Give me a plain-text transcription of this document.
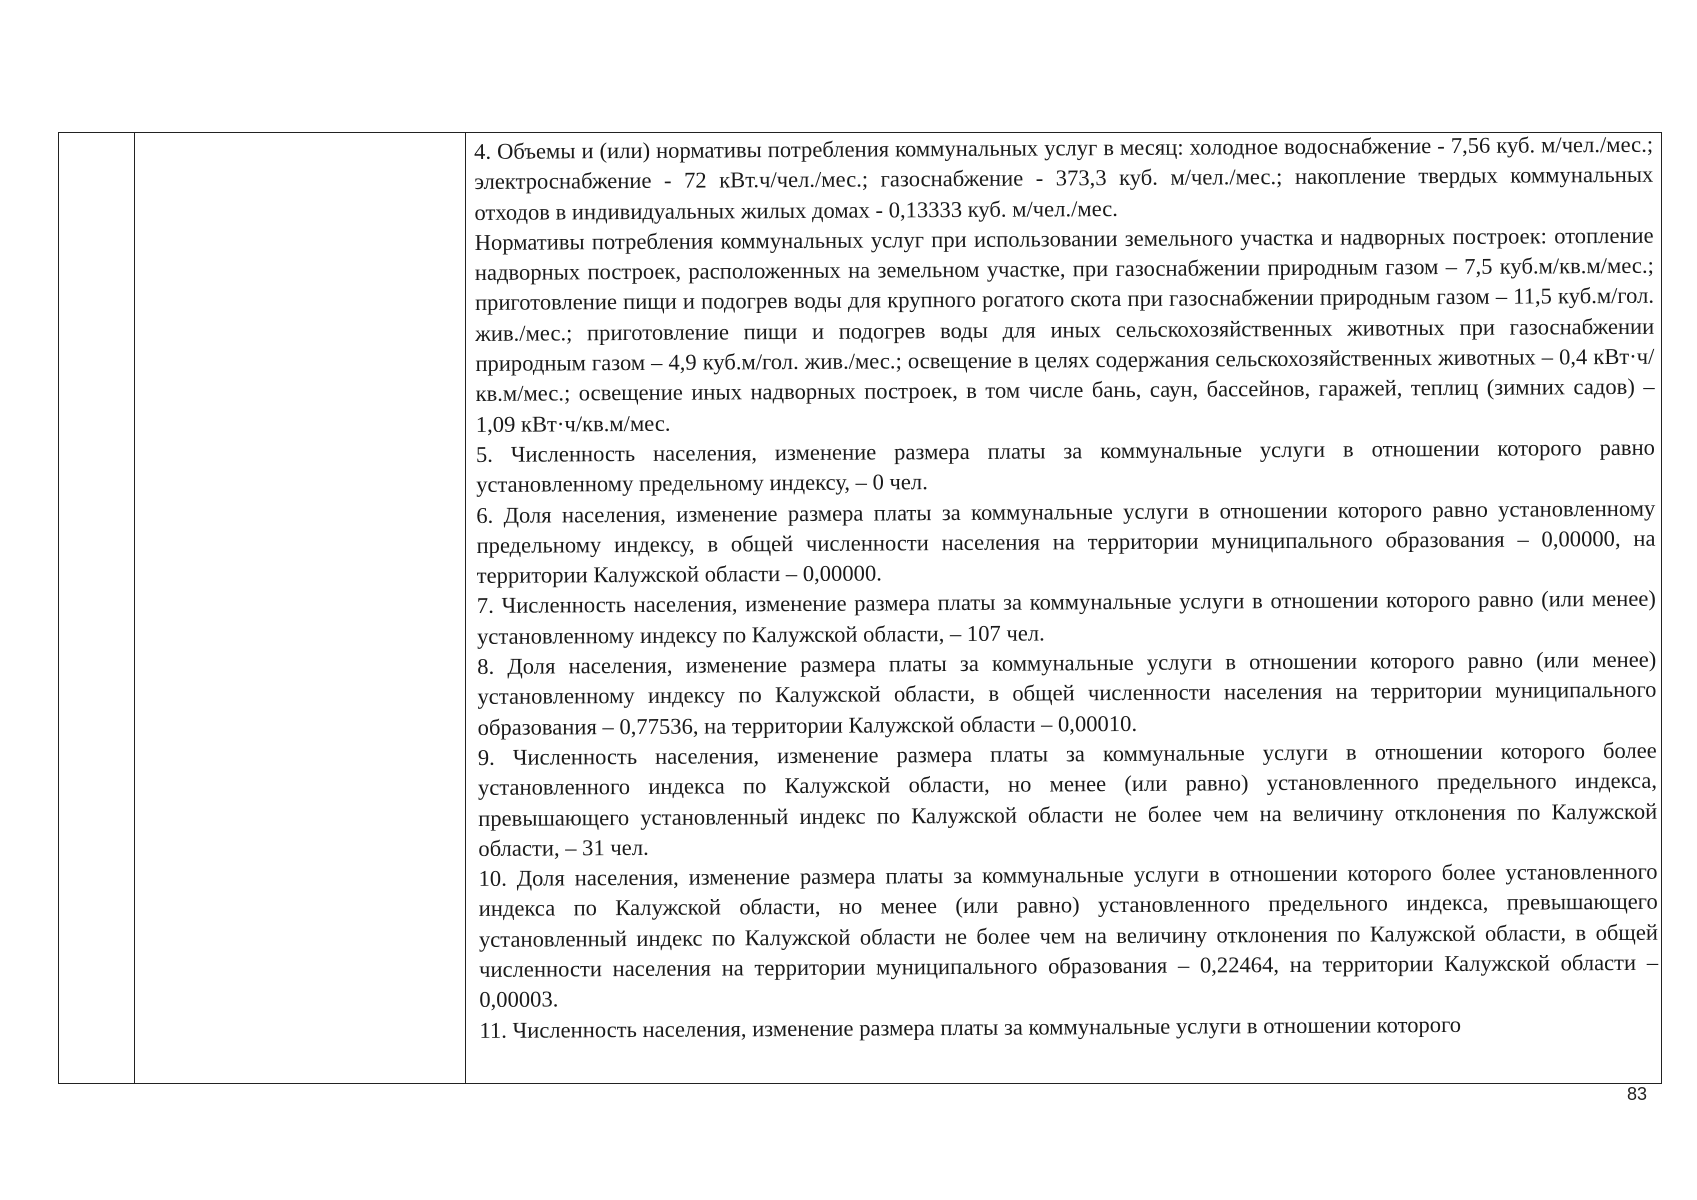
4. Объемы и (или) нормативы потребления коммунальных услуг в месяц: холодное водоснабжение - 7,56 куб. м/чел./мес.; электроснабжение - 72 кВт.ч/чел./мес.; газоснабжение - 373,3 куб. м/чел./мес.; накопление твердых коммунальных отходов в индивидуальных жилых домах - 0,13333 куб. м/чел./мес.

Нормативы потребления коммунальных услуг при использовании земельного участка и надворных построек: отопление надворных построек, расположенных на земельном участке, при газоснабжении природным газом – 7,5 куб.м/кв.м/мес.; приготовление пищи и подогрев воды для крупного рогатого скота при газоснабжении природным газом – 11,5 куб.м/гол. жив./мес.; приготовление пищи и подогрев воды для иных сельскохозяйственных животных при газоснабжении природным газом – 4,9 куб.м/гол. жив./мес.; освещение в целях содержания сельскохозяйственных животных – 0,4 кВт·ч/кв.м/мес.; освещение иных надворных построек, в том числе бань, саун, бассейнов, гаражей, теплиц (зимних садов) – 1,09 кВт·ч/кв.м/мес.

5. Численность населения, изменение размера платы за коммунальные услуги в отношении которого равно установленному предельному индексу, – 0 чел.

6. Доля населения, изменение размера платы за коммунальные услуги в отношении которого равно установленному предельному индексу, в общей численности населения на территории муниципального образования – 0,00000, на территории Калужской области – 0,00000.

7. Численность населения, изменение размера платы за коммунальные услуги в отношении которого равно (или менее) установленному индексу по Калужской области, – 107 чел.

8. Доля населения, изменение размера платы за коммунальные услуги в отношении которого равно (или менее) установленному индексу по Калужской области, в общей численности населения на территории муниципального образования – 0,77536, на территории Калужской области – 0,00010.

9. Численность населения, изменение размера платы за коммунальные услуги в отношении которого более установленного индекса по Калужской области, но менее (или равно) установленного предельного индекса, превышающего установленный индекс по Калужской области не более чем на величину отклонения по Калужской области, – 31 чел.

10. Доля населения, изменение размера платы за коммунальные услуги в отношении которого более установленного индекса по Калужской области, но менее (или равно) установленного предельного индекса, превышающего установленный индекс по Калужской области не более чем на величину отклонения по Калужской области, в общей численности населения на территории муниципального образования – 0,22464, на территории Калужской области – 0,00003.

11. Численность населения, изменение размера платы за коммунальные услуги в отношении которого

83
